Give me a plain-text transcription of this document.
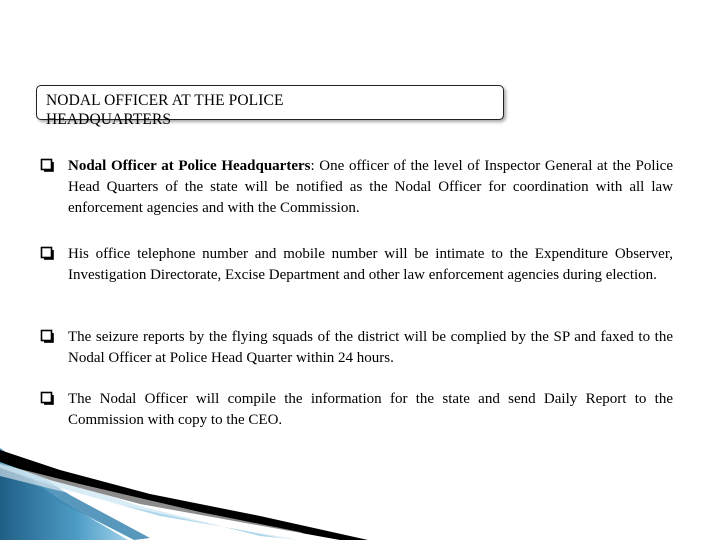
NODAL OFFICER AT THE POLICE HEADQUARTERS
Nodal Officer at Police Headquarters: One officer of the level of Inspector General at the Police Head Quarters of the state will be notified as the Nodal Officer for coordination with all law enforcement agencies and with the Commission.
His office telephone number and mobile number will be intimate to the Expenditure Observer, Investigation Directorate, Excise Department and other law enforcement agencies during election.
The seizure reports by the flying squads of the district will be complied by the SP and faxed to the Nodal Officer at Police Head Quarter within 24 hours.
The Nodal Officer will compile the information for the state and send Daily Report to the Commission with copy to the CEO.
